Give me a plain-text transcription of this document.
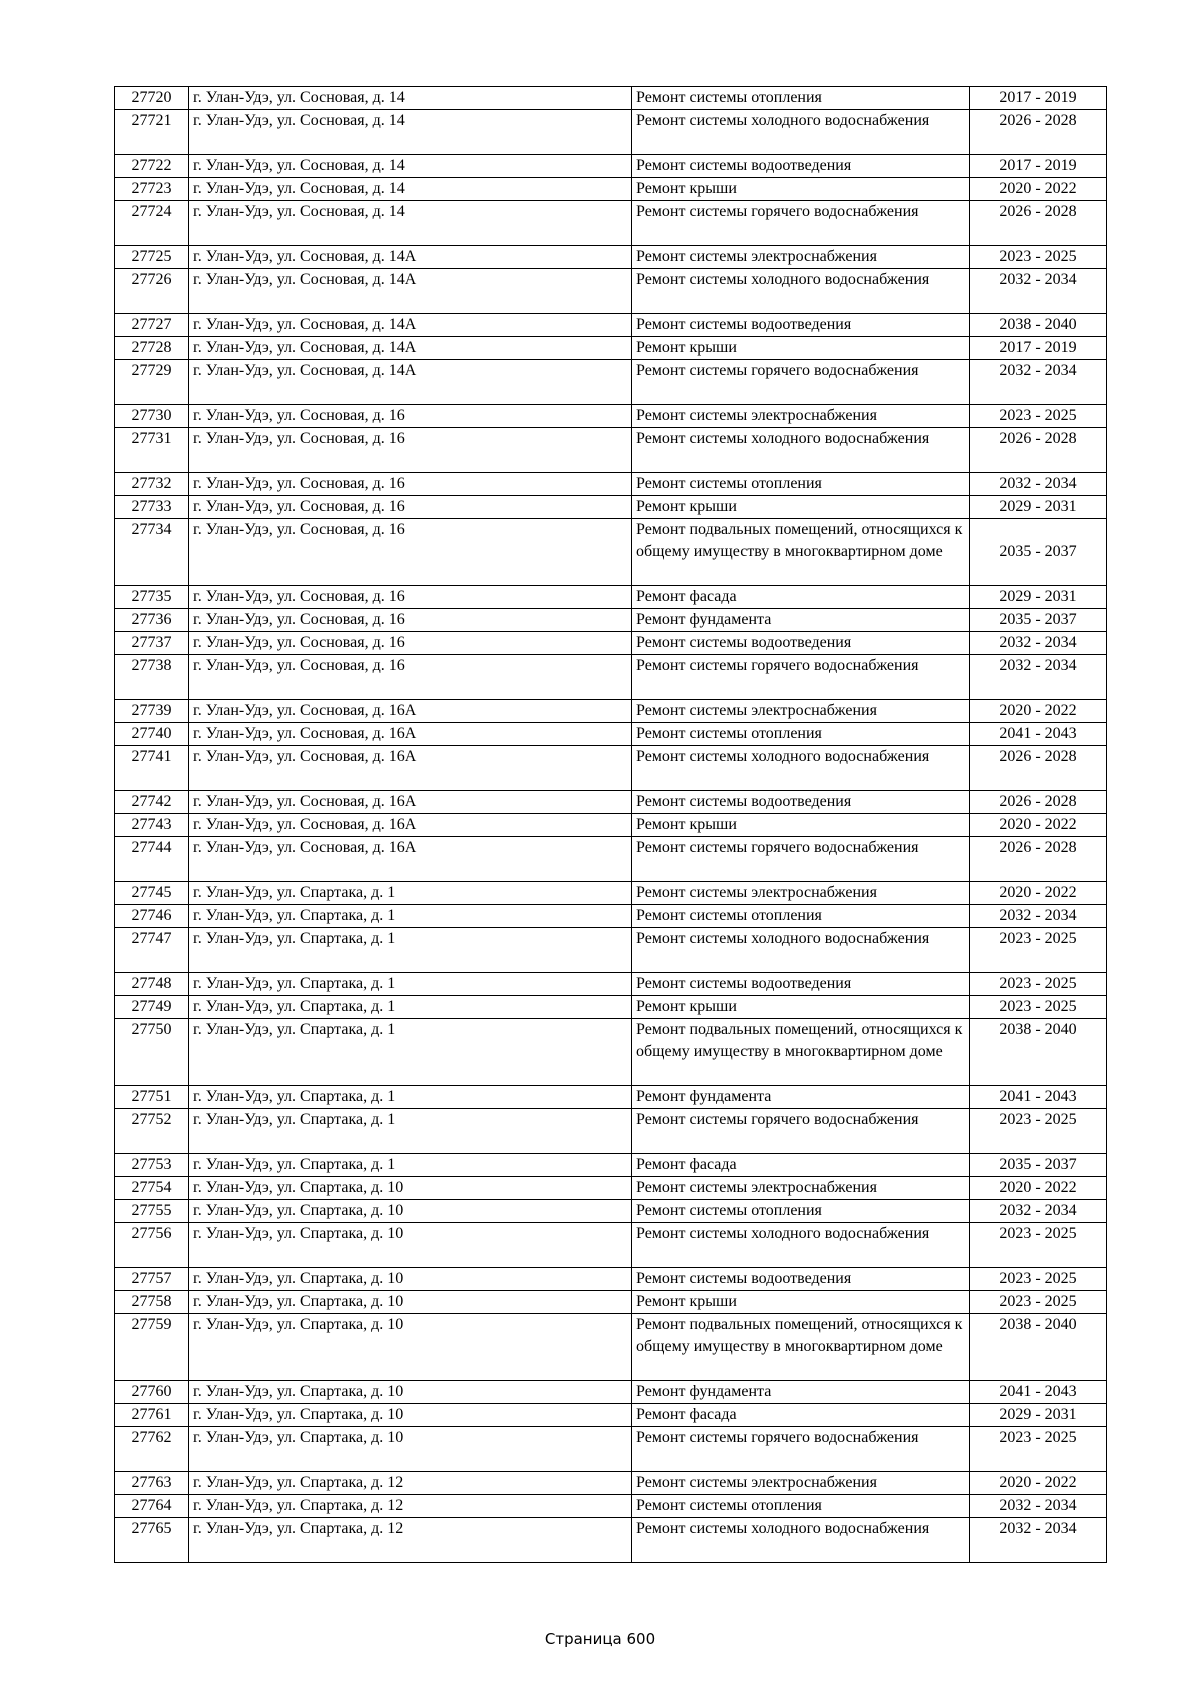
27720	г. Улан-Удэ, ул. Сосновая, д. 14	Ремонт системы отопления	2017 - 2019
27721	г. Улан-Удэ, ул. Сосновая, д. 14	Ремонт системы холодного водоснабжения	2026 - 2028
27722	г. Улан-Удэ, ул. Сосновая, д. 14	Ремонт системы водоотведения	2017 - 2019
27723	г. Улан-Удэ, ул. Сосновая, д. 14	Ремонт крыши	2020 - 2022
27724	г. Улан-Удэ, ул. Сосновая, д. 14	Ремонт системы горячего водоснабжения	2026 - 2028
27725	г. Улан-Удэ, ул. Сосновая, д. 14А	Ремонт системы электроснабжения	2023 - 2025
27726	г. Улан-Удэ, ул. Сосновая, д. 14А	Ремонт системы холодного водоснабжения	2032 - 2034
27727	г. Улан-Удэ, ул. Сосновая, д. 14А	Ремонт системы водоотведения	2038 - 2040
27728	г. Улан-Удэ, ул. Сосновая, д. 14А	Ремонт крыши	2017 - 2019
27729	г. Улан-Удэ, ул. Сосновая, д. 14А	Ремонт системы горячего водоснабжения	2032 - 2034
27730	г. Улан-Удэ, ул. Сосновая, д. 16	Ремонт системы электроснабжения	2023 - 2025
27731	г. Улан-Удэ, ул. Сосновая, д. 16	Ремонт системы холодного водоснабжения	2026 - 2028
27732	г. Улан-Удэ, ул. Сосновая, д. 16	Ремонт системы отопления	2032 - 2034
27733	г. Улан-Удэ, ул. Сосновая, д. 16	Ремонт крыши	2029 - 2031
27734	г. Улан-Удэ, ул. Сосновая, д. 16	Ремонт подвальных помещений, относящихся к общему имуществу в многоквартирном доме	2035 - 2037
27735	г. Улан-Удэ, ул. Сосновая, д. 16	Ремонт фасада	2029 - 2031
27736	г. Улан-Удэ, ул. Сосновая, д. 16	Ремонт фундамента	2035 - 2037
27737	г. Улан-Удэ, ул. Сосновая, д. 16	Ремонт системы водоотведения	2032 - 2034
27738	г. Улан-Удэ, ул. Сосновая, д. 16	Ремонт системы горячего водоснабжения	2032 - 2034
27739	г. Улан-Удэ, ул. Сосновая, д. 16А	Ремонт системы электроснабжения	2020 - 2022
27740	г. Улан-Удэ, ул. Сосновая, д. 16А	Ремонт системы отопления	2041 - 2043
27741	г. Улан-Удэ, ул. Сосновая, д. 16А	Ремонт системы холодного водоснабжения	2026 - 2028
27742	г. Улан-Удэ, ул. Сосновая, д. 16А	Ремонт системы водоотведения	2026 - 2028
27743	г. Улан-Удэ, ул. Сосновая, д. 16А	Ремонт крыши	2020 - 2022
27744	г. Улан-Удэ, ул. Сосновая, д. 16А	Ремонт системы горячего водоснабжения	2026 - 2028
27745	г. Улан-Удэ, ул. Спартака, д. 1	Ремонт системы электроснабжения	2020 - 2022
27746	г. Улан-Удэ, ул. Спартака, д. 1	Ремонт системы отопления	2032 - 2034
27747	г. Улан-Удэ, ул. Спартака, д. 1	Ремонт системы холодного водоснабжения	2023 - 2025
27748	г. Улан-Удэ, ул. Спартака, д. 1	Ремонт системы водоотведения	2023 - 2025
27749	г. Улан-Удэ, ул. Спартака, д. 1	Ремонт крыши	2023 - 2025
27750	г. Улан-Удэ, ул. Спартака, д. 1	Ремонт подвальных помещений, относящихся к общему имуществу в многоквартирном доме	2038 - 2040
27751	г. Улан-Удэ, ул. Спартака, д. 1	Ремонт фундамента	2041 - 2043
27752	г. Улан-Удэ, ул. Спартака, д. 1	Ремонт системы горячего водоснабжения	2023 - 2025
27753	г. Улан-Удэ, ул. Спартака, д. 1	Ремонт фасада	2035 - 2037
27754	г. Улан-Удэ, ул. Спартака, д. 10	Ремонт системы электроснабжения	2020 - 2022
27755	г. Улан-Удэ, ул. Спартака, д. 10	Ремонт системы отопления	2032 - 2034
27756	г. Улан-Удэ, ул. Спартака, д. 10	Ремонт системы холодного водоснабжения	2023 - 2025
27757	г. Улан-Удэ, ул. Спартака, д. 10	Ремонт системы водоотведения	2023 - 2025
27758	г. Улан-Удэ, ул. Спартака, д. 10	Ремонт крыши	2023 - 2025
27759	г. Улан-Удэ, ул. Спартака, д. 10	Ремонт подвальных помещений, относящихся к общему имуществу в многоквартирном доме	2038 - 2040
27760	г. Улан-Удэ, ул. Спартака, д. 10	Ремонт фундамента	2041 - 2043
27761	г. Улан-Удэ, ул. Спартака, д. 10	Ремонт фасада	2029 - 2031
27762	г. Улан-Удэ, ул. Спартака, д. 10	Ремонт системы горячего водоснабжения	2023 - 2025
27763	г. Улан-Удэ, ул. Спартака, д. 12	Ремонт системы электроснабжения	2020 - 2022
27764	г. Улан-Удэ, ул. Спартака, д. 12	Ремонт системы отопления	2032 - 2034
27765	г. Улан-Удэ, ул. Спартака, д. 12	Ремонт системы холодного водоснабжения	2032 - 2034
Страница 600
